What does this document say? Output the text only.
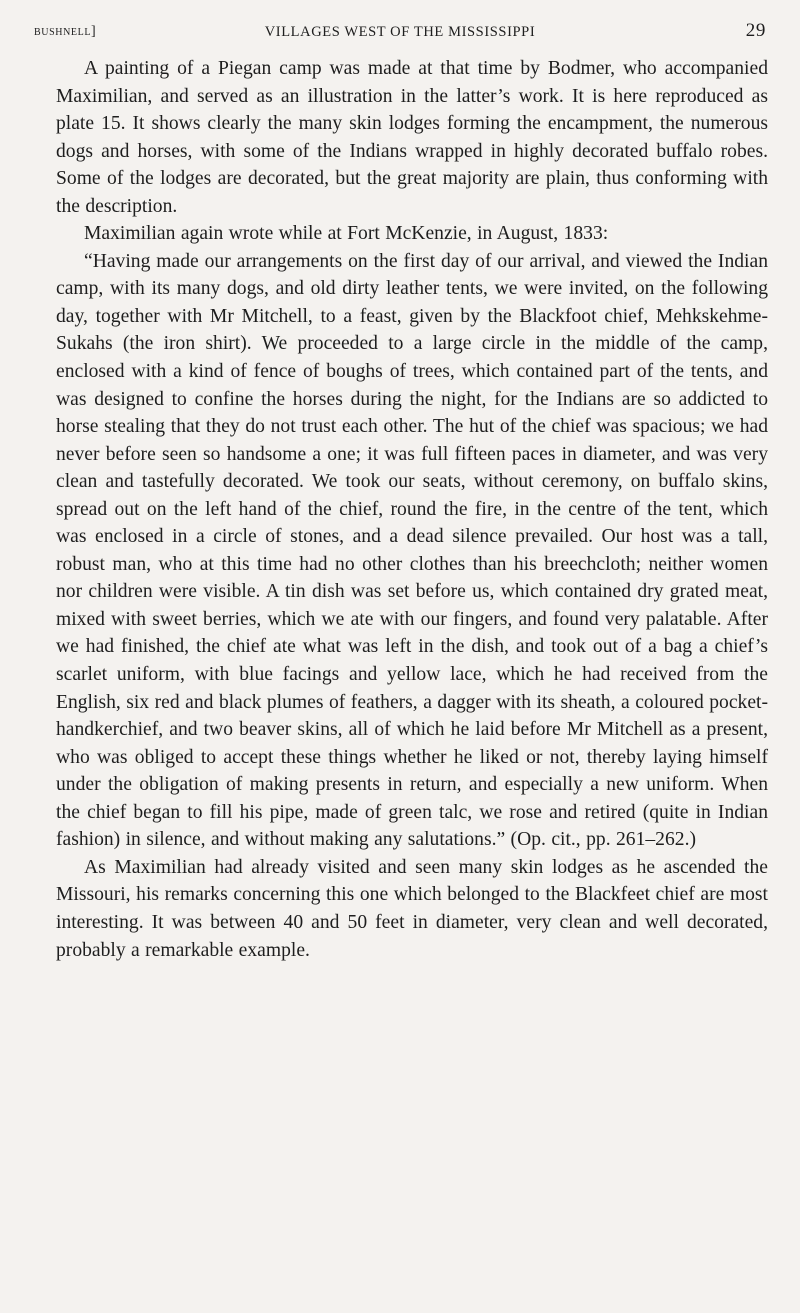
bushnell]	VILLAGES WEST OF THE MISSISSIPPI	29

A painting of a Piegan camp was made at that time by Bodmer, who accompanied Maximilian, and served as an illustration in the latter’s work. It is here reproduced as plate 15. It shows clearly the many skin lodges forming the encampment, the numerous dogs and horses, with some of the Indians wrapped in highly decorated buffalo robes. Some of the lodges are decorated, but the great majority are plain, thus conforming with the description.

Maximilian again wrote while at Fort McKenzie, in August, 1833:

“Having made our arrangements on the first day of our arrival, and viewed the Indian camp, with its many dogs, and old dirty leather tents, we were invited, on the following day, together with Mr Mitchell, to a feast, given by the Blackfoot chief, Mehkskehme-Sukahs (the iron shirt). We proceeded to a large circle in the middle of the camp, enclosed with a kind of fence of boughs of trees, which contained part of the tents, and was designed to confine the horses during the night, for the Indians are so addicted to horse stealing that they do not trust each other. The hut of the chief was spacious; we had never before seen so handsome a one; it was full fifteen paces in diameter, and was very clean and tastefully decorated. We took our seats, without ceremony, on buffalo skins, spread out on the left hand of the chief, round the fire, in the centre of the tent, which was enclosed in a circle of stones, and a dead silence prevailed. Our host was a tall, robust man, who at this time had no other clothes than his breechcloth; neither women nor children were visible. A tin dish was set before us, which contained dry grated meat, mixed with sweet berries, which we ate with our fingers, and found very palatable. After we had finished, the chief ate what was left in the dish, and took out of a bag a chief’s scarlet uniform, with blue facings and yellow lace, which he had received from the English, six red and black plumes of feathers, a dagger with its sheath, a coloured pocket-handkerchief, and two beaver skins, all of which he laid before Mr Mitchell as a present, who was obliged to accept these things whether he liked or not, thereby laying himself under the obligation of making presents in return, and especially a new uniform. When the chief began to fill his pipe, made of green talc, we rose and retired (quite in Indian fashion) in silence, and without making any salutations.” (Op. cit., pp. 261–262.)

As Maximilian had already visited and seen many skin lodges as he ascended the Missouri, his remarks concerning this one which belonged to the Blackfeet chief are most interesting. It was between 40 and 50 feet in diameter, very clean and well decorated, probably a remarkable example.
